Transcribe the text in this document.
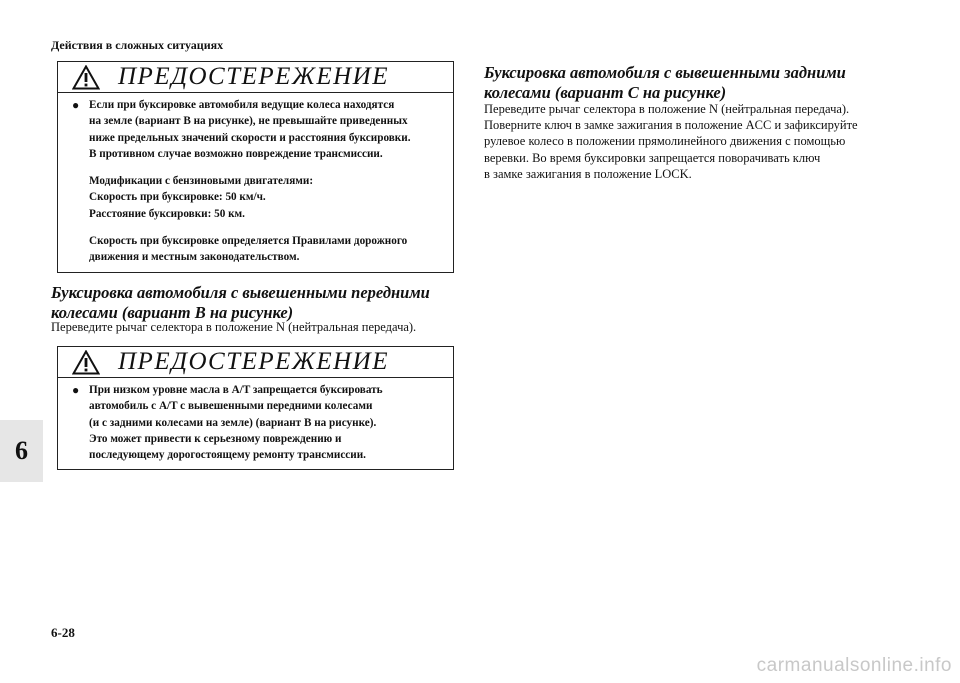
Действия в сложных ситуациях
6
6-28
ПРЕДОСТЕРЕЖЕНИЕ
● Если при буксировке автомобиля ведущие колеса находятся
на земле (вариант B на рисунке), не превышайте приведенных
ниже предельных значений скорости и расстояния буксировки.
В противном случае возможно повреждение трансмиссии.
Модификации с бензиновыми двигателями:
Скорость при буксировке: 50 км/ч.
Расстояние буксировки: 50 км.
Скорость при буксировке определяется Правилами дорожного
движения и местным законодательством.
Буксировка автомобиля с вывешенными передними
колесами (вариант B на рисунке)
Переведите рычаг селектора в положение N (нейтральная передача).
ПРЕДОСТЕРЕЖЕНИЕ
● При низком уровне масла в A/T запрещается буксировать
автомобиль с A/T с вывешенными передними колесами
(и с задними колесами на земле) (вариант B на рисунке).
Это может привести к серьезному повреждению и
последующему дорогостоящему ремонту трансмиссии.
Буксировка автомобиля с вывешенными задними
колесами (вариант C на рисунке)
Переведите рычаг селектора в положение N (нейтральная передача).
Поверните ключ в замке зажигания в положение ACC и зафиксируйте
рулевое колесо в положении прямолинейного движения с помощью
веревки. Во время буксировки запрещается поворачивать ключ
в замке зажигания в положение LOCK.
carmanualsonline.info
